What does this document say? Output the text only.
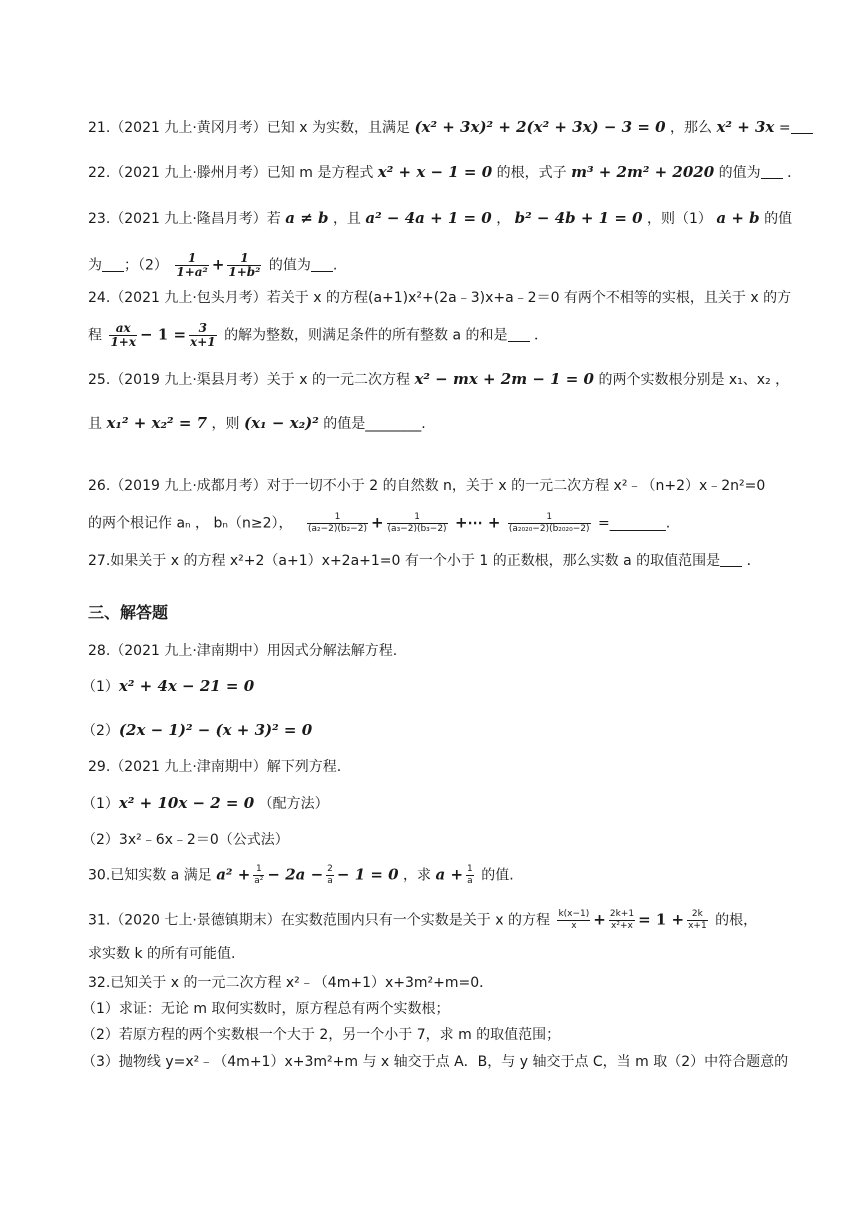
21.（2021 九上·黄冈月考）已知 x 为实数，且满足 (x² + 3x)² + 2(x² + 3x) − 3 = 0 ，那么 x² + 3x =
22.（2021 九上·滕州月考）已知 m 是方程式 x² + x − 1 = 0 的根，式子 m³ + 2m² + 2020 的值为 ．
23.（2021 九上·隆昌月考）若 a ≠ b ，且 a² − 4a + 1 = 0 ， b² − 4b + 1 = 0 ，则（1） a + b 的值
为 ；$(2) \frac{1}{\text{1+a²}} + \frac{1}{\text{1+b²}}$ 的值为 .
24.（2021 九上·包头月考）若关于 x 的方程(a+1)x²+(2a﹣3)x+a﹣2＝0 有两个不相等的实根，且关于 x 的方
程 $\frac{ax}{1+x} - 1 = \frac{3}{x+1}$ 的解为整数，则满足条件的所有整数 a 的和是 ．
25.（2019 九上·渠县月考）关于 x 的一元二次方程 x² − mx + 2m − 1 = 0 的两个实数根分别是 x₁、x₂ ，
且 x₁² + x₂² = 7 ，则 (x₁ − x₂)² 的值是________.
26.（2019 九上·成都月考）对于一切不小于 2 的自然数 n，关于 x 的一元二次方程 x²﹣（n+2）x﹣2n²=0
的两个根记作 aₙ ， bₙ（n≥2）， $\frac{1}{\text{(a₂−2)(b₂−2)}} + \frac{1}{\text{(a₃−2)(b₃−2)}}$ +⋯ + $\frac{1}{\text{(a₂₀₂₀−2)(b₂₀₂₀−2)}}$ =________.
27.如果关于 x 的方程 x²+2（a+1）x+2a+1=0 有一个小于 1 的正数根，那么实数 a 的取值范围是 ．
三、解答题
28.（2021 九上·津南期中）用因式分解法解方程.
（1）x² + 4x − 21 = 0
（2）(2x − 1)² − (x + 3)² = 0
29.（2021 九上·津南期中）解下列方程.
（1）x² + 10x − 2 = 0 （配方法）
（2）3x²﹣6x﹣2＝0（公式法）
30.已知实数 a 满足 $a^2 + \frac{1}{\text{a²}} - 2a - \frac{2}{a} - 1 = 0$ ，求 $a + \frac{1}{a}$ 的值.
31.（2020 七上·景德镇期末）在实数范围内只有一个实数是关于 x 的方程 $\frac{k(x-1)}{x} + \frac{2k+1}{\text{x²+x}} = 1 + \frac{2k}{x+1}$ 的根，
求实数 k 的所有可能值.
32.已知关于 x 的一元二次方程 x²﹣（4m+1）x+3m²+m=0．
（1）求证：无论 m 取何实数时，原方程总有两个实数根；
（2）若原方程的两个实数根一个大于 2，另一个小于 7，求 m 的取值范围；
（3）抛物线 y=x²﹣（4m+1）x+3m²+m 与 x 轴交于点 A．B，与 y 轴交于点 C，当 m 取（2）中符合题意的
